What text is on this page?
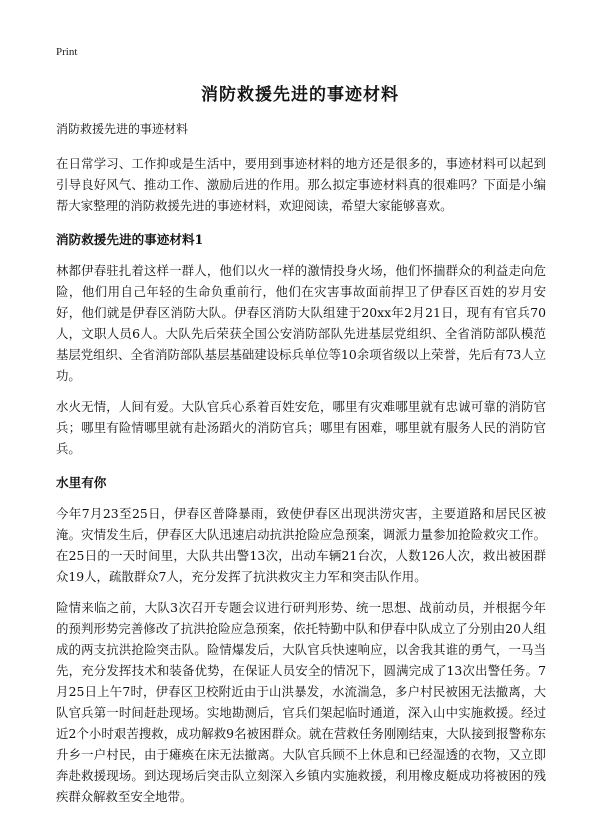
Print
消防救援先进的事迹材料
消防救援先进的事迹材料

在日常学习、工作抑或是生活中，要用到事迹材料的地方还是很多的，事迹材料可以起到引导良好风气、推动工作、激励后进的作用。那么拟定事迹材料真的很难吗？下面是小编帮大家整理的消防救援先进的事迹材料，欢迎阅读，希望大家能够喜欢。

消防救援先进的事迹材料1

林都伊春驻扎着这样一群人，他们以火一样的激情投身火场，他们怀揣群众的利益走向危险，他们用自己年轻的生命负重前行，他们在灾害事故面前捍卫了伊春区百姓的岁月安好，他们就是伊春区消防大队。伊春区消防大队组建于20xx年2月21日，现有有官兵70人，文职人员6人。大队先后荣获全国公安消防部队先进基层党组织、全省消防部队模范基层党组织、全省消防部队基层基础建设标兵单位等10余项省级以上荣誉，先后有73人立功。

水火无情，人间有爱。大队官兵心系着百姓安危，哪里有灾难哪里就有忠诚可靠的消防官兵；哪里有险情哪里就有赴汤蹈火的消防官兵；哪里有困难，哪里就有服务人民的消防官兵。

水里有你

今年7月23至25日，伊春区普降暴雨，致使伊春区出现洪涝灾害，主要道路和居民区被淹。灾情发生后，伊春区大队迅速启动抗洪抢险应急预案，调派力量参加抢险救灾工作。在25日的一天时间里，大队共出警13次，出动车辆21台次，人数126人次，救出被困群众19人，疏散群众7人，充分发挥了抗洪救灾主力军和突击队作用。

险情来临之前，大队3次召开专题会议进行研判形势、统一思想、战前动员，并根据今年的预判形势完善修改了抗洪抢险应急预案，依托特勤中队和伊春中队成立了分别由20人组成的两支抗洪抢险突击队。险情爆发后，大队官兵快速响应，以舍我其谁的勇气，一马当先，充分发挥技术和装备优势，在保证人员安全的情况下，圆满完成了13次出警任务。7月25日上午7时，伊春区卫校附近由于山洪暴发，水流湍急，多户村民被困无法撤离，大队官兵第一时间赶赴现场。实地勘测后，官兵们架起临时通道，深入山中实施救援。经过近2个小时艰苦搜救，成功解救9名被困群众。就在营救任务刚刚结束，大队接到报警称东升乡一户村民，由于瘫痪在床无法撤离。大队官兵顾不上休息和已经湿透的衣物，又立即奔赴救援现场。到达现场后突击队立刻深入乡镇内实施救援，利用橡皮艇成功将被困的残疾群众解救至安全地带。
